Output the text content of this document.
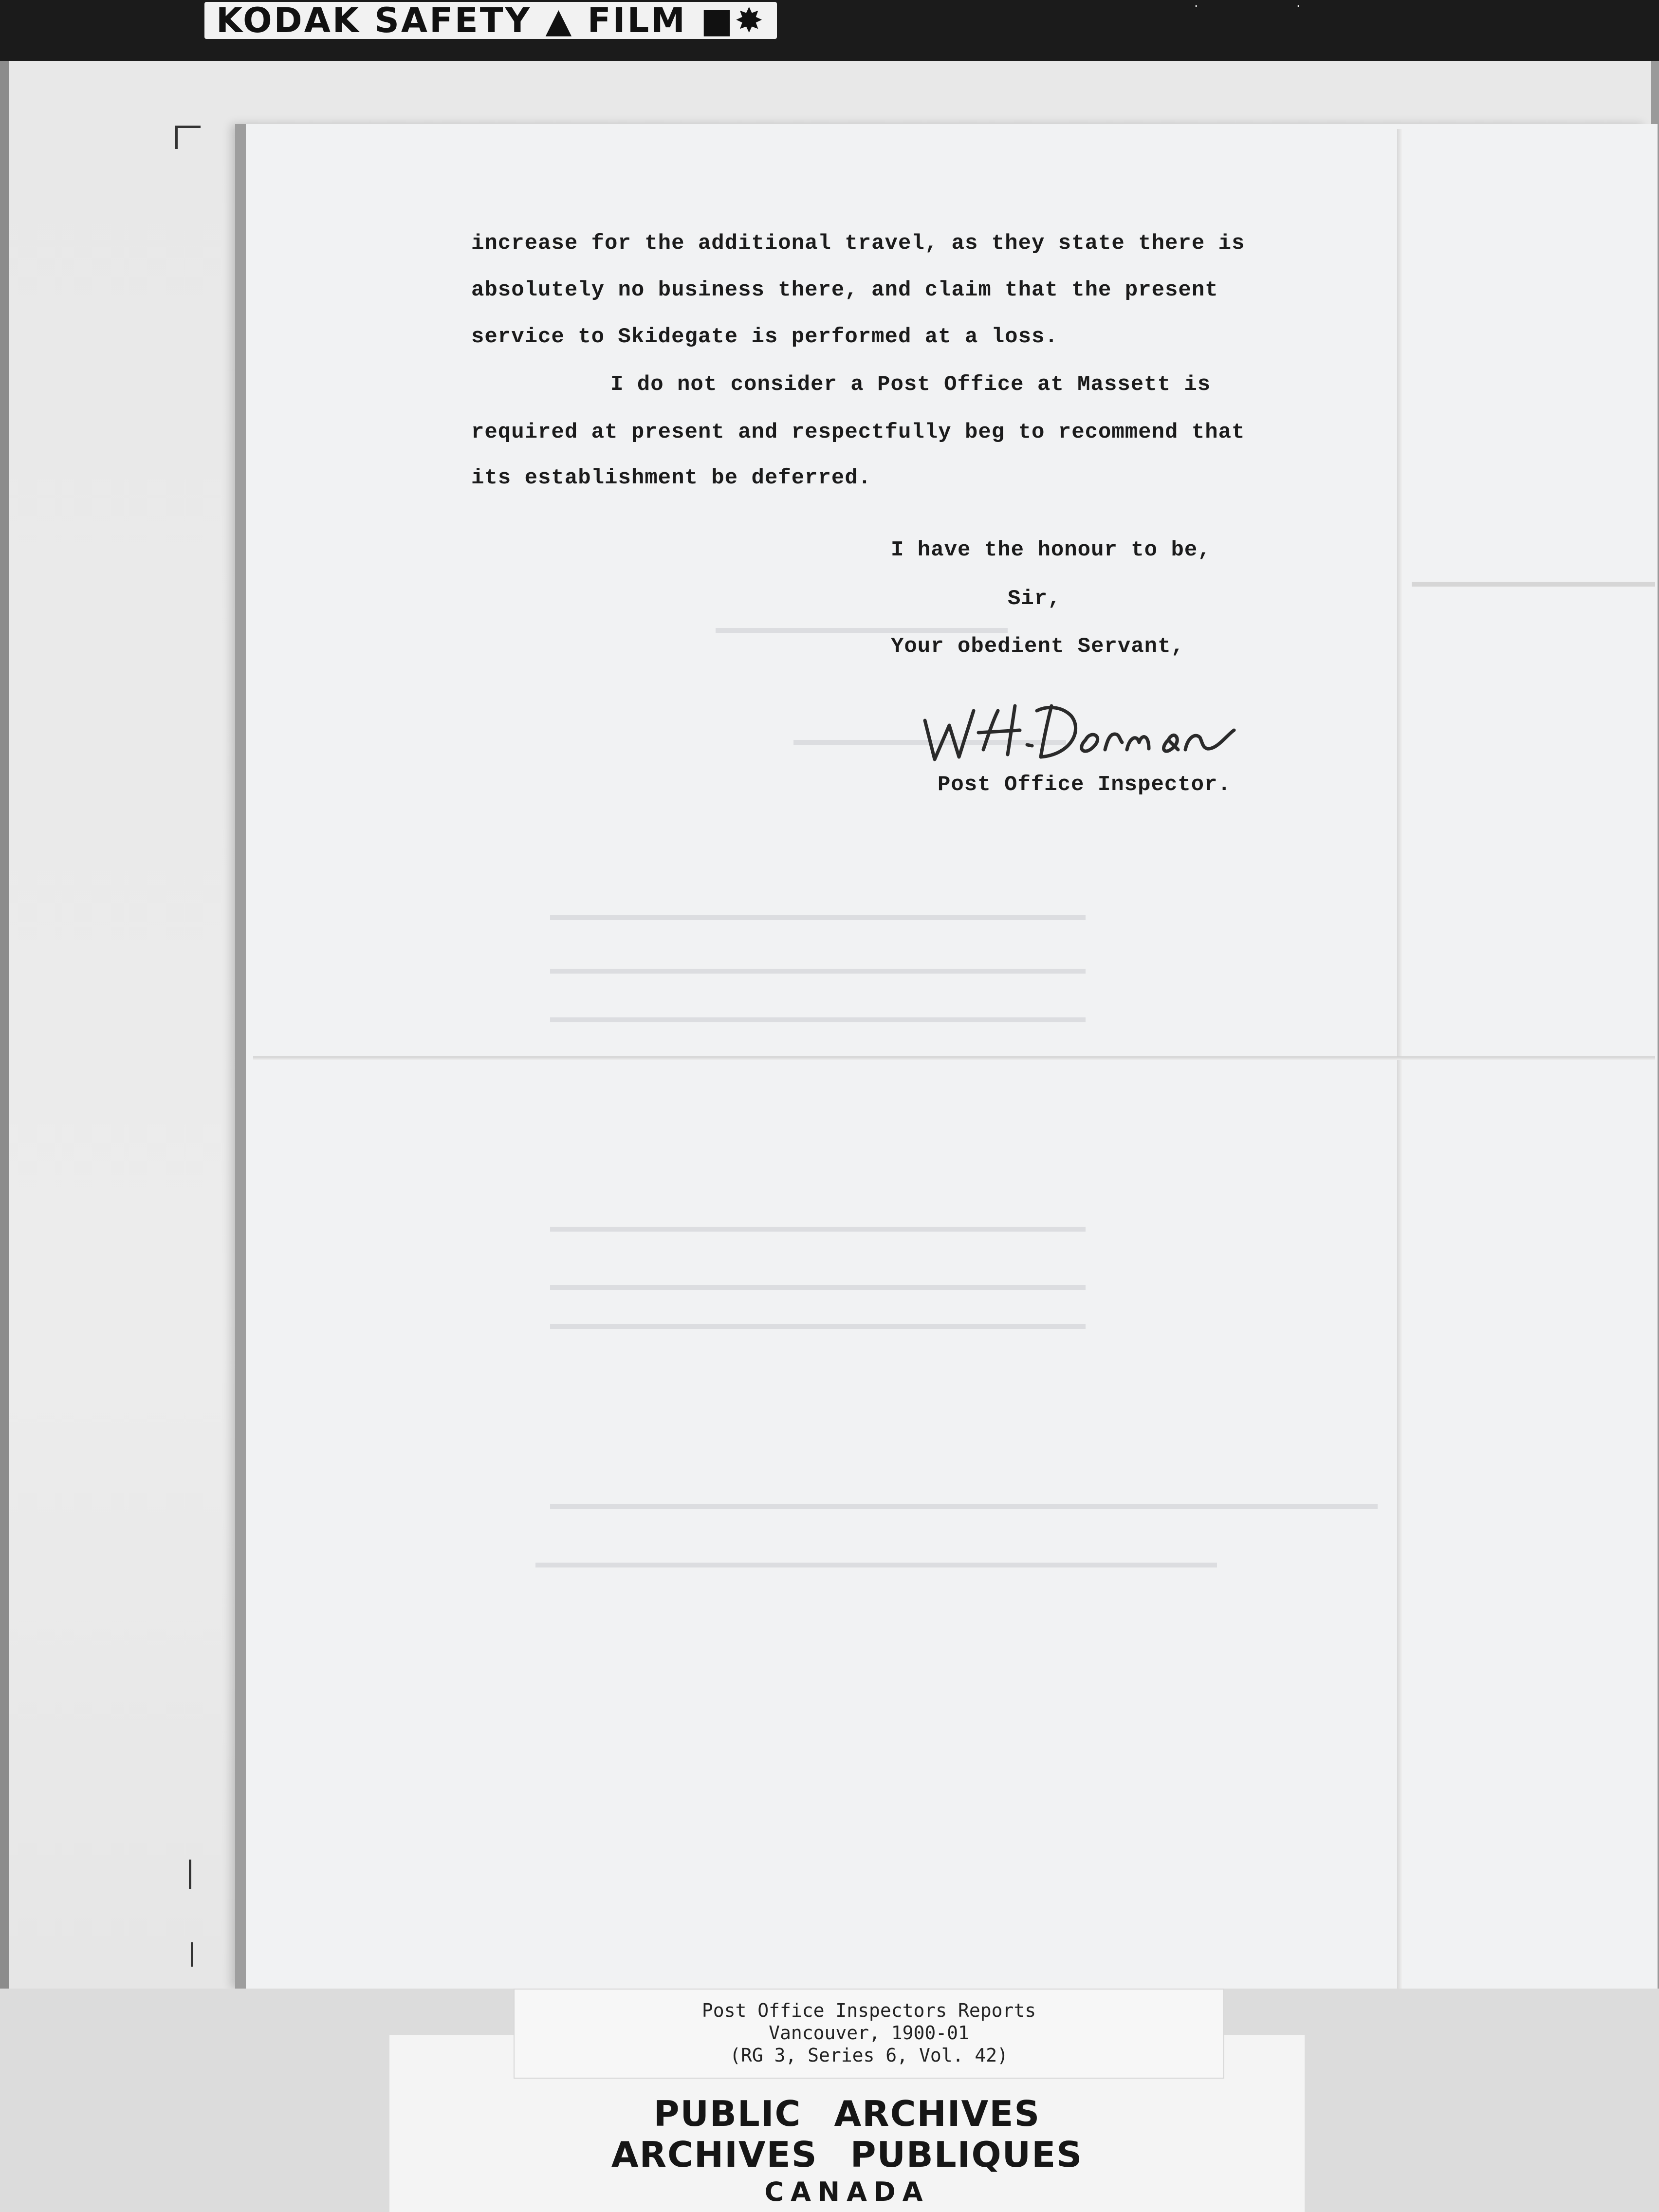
KODAK SAFETY ▲ FILM ■✸	·	·
increase for the additional travel, as they state there is
absolutely no business there, and claim that the present
service to Skidegate is performed at a loss.
I do not consider a Post Office at Massett is
required at present and respectfully beg to recommend that
its establishment be deferred.
I have the honour to be,
Sir,
Your obedient Servant,
Post Office Inspector.
Post Office Inspectors Reports
Vancouver, 1900-01
(RG 3, Series 6, Vol. 42)
PUBLIC ARCHIVES
ARCHIVES PUBLIQUES
CANADA
